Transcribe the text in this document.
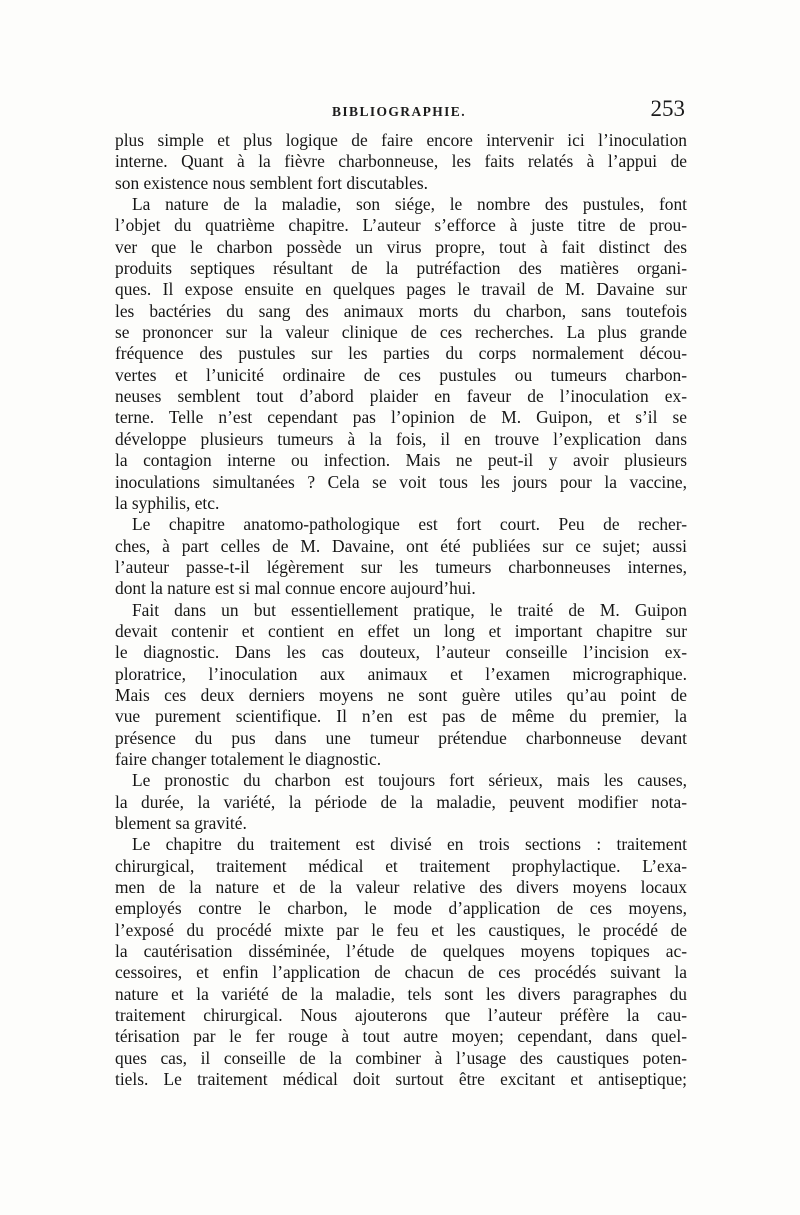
BIBLIOGRAPHIE.	253
plus simple et plus logique de faire encore intervenir ici l’inoculation
interne. Quant à la fièvre charbonneuse, les faits relatés à l’appui de
son existence nous semblent fort discutables.
La nature de la maladie, son siége, le nombre des pustules, font
l’objet du quatrième chapitre. L’auteur s’efforce à juste titre de prou-
ver que le charbon possède un virus propre, tout à fait distinct des
produits septiques résultant de la putréfaction des matières organi-
ques. Il expose ensuite en quelques pages le travail de M. Davaine sur
les bactéries du sang des animaux morts du charbon, sans toutefois
se prononcer sur la valeur clinique de ces recherches. La plus grande
fréquence des pustules sur les parties du corps normalement décou-
vertes et l’unicité ordinaire de ces pustules ou tumeurs charbon-
neuses semblent tout d’abord plaider en faveur de l’inoculation ex-
terne. Telle n’est cependant pas l’opinion de M. Guipon, et s’il se
développe plusieurs tumeurs à la fois, il en trouve l’explication dans
la contagion interne ou infection. Mais ne peut-il y avoir plusieurs
inoculations simultanées ? Cela se voit tous les jours pour la vaccine,
la syphilis, etc.
Le chapitre anatomo-pathologique est fort court. Peu de recher-
ches, à part celles de M. Davaine, ont été publiées sur ce sujet; aussi
l’auteur passe-t-il légèrement sur les tumeurs charbonneuses internes,
dont la nature est si mal connue encore aujourd’hui.
Fait dans un but essentiellement pratique, le traité de M. Guipon
devait contenir et contient en effet un long et important chapitre sur
le diagnostic. Dans les cas douteux, l’auteur conseille l’incision ex-
ploratrice, l’inoculation aux animaux et l’examen micrographique.
Mais ces deux derniers moyens ne sont guère utiles qu’au point de
vue purement scientifique. Il n’en est pas de même du premier, la
présence du pus dans une tumeur prétendue charbonneuse devant
faire changer totalement le diagnostic.
Le pronostic du charbon est toujours fort sérieux, mais les causes,
la durée, la variété, la période de la maladie, peuvent modifier nota-
blement sa gravité.
Le chapitre du traitement est divisé en trois sections : traitement
chirurgical, traitement médical et traitement prophylactique. L’exa-
men de la nature et de la valeur relative des divers moyens locaux
employés contre le charbon, le mode d’application de ces moyens,
l’exposé du procédé mixte par le feu et les caustiques, le procédé de
la cautérisation disséminée, l’étude de quelques moyens topiques ac-
cessoires, et enfin l’application de chacun de ces procédés suivant la
nature et la variété de la maladie, tels sont les divers paragraphes du
traitement chirurgical. Nous ajouterons que l’auteur préfère la cau-
térisation par le fer rouge à tout autre moyen; cependant, dans quel-
ques cas, il conseille de la combiner à l’usage des caustiques poten-
tiels. Le traitement médical doit surtout être excitant et antiseptique;
